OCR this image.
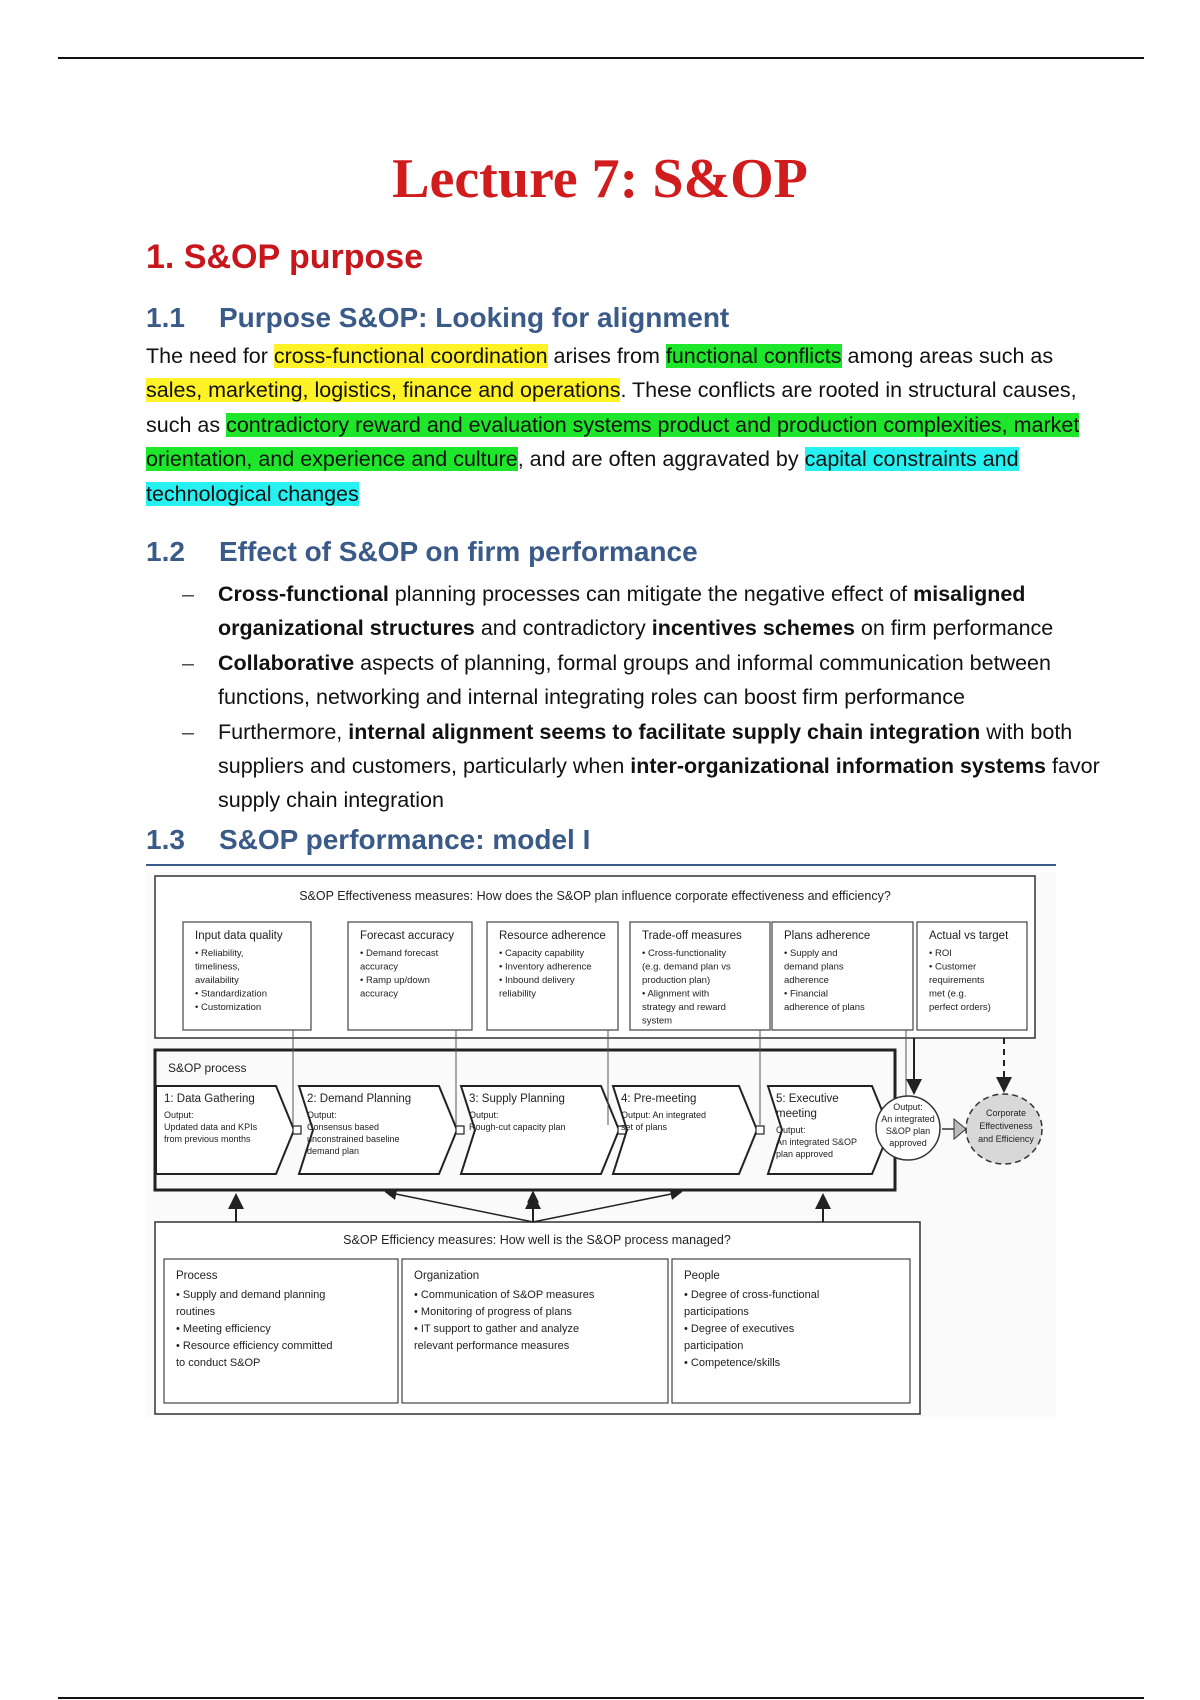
Lecture 7: S&OP
1. S&OP purpose
1.1 Purpose S&OP: Looking for alignment

The need for cross-functional coordination arises from functional conflicts among areas such as sales, marketing, logistics, finance and operations. These conflicts are rooted in structural causes, such as contradictory reward and evaluation systems product and production complexities, market orientation, and experience and culture, and are often aggravated by capital constraints and technological changes

1.2 Effect of S&OP on firm performance
– Cross-functional planning processes can mitigate the negative effect of misaligned organizational structures and contradictory incentives schemes on firm performance
– Collaborative aspects of planning, formal groups and informal communication between functions, networking and internal integrating roles can boost firm performance
– Furthermore, internal alignment seems to facilitate supply chain integration with both suppliers and customers, particularly when inter-organizational information systems favor supply chain integration
1.3 S&OP performance: model I
S&OP Effectiveness measures: How does the S&OP plan influence corporate effectiveness and efficiency?
Input data quality
• Reliability,
timeliness,
availability
• Standardization
• Customization
Forecast accuracy
• Demand forecast
accuracy
• Ramp up/down
accuracy
Resource adherence
• Capacity capability
• Inventory adherence
• Inbound delivery
reliability
Trade-off measures
• Cross-functionality
(e.g. demand plan vs
production plan)
• Alignment with
strategy and reward
system
Plans adherence
• Supply and
demand plans
adherence
• Financial
adherence of plans
Actual vs target
• ROI
• Customer
requirements
met (e.g.
perfect orders)
S&OP process
1: Data Gathering
Output:
Updated data and KPIs
from previous months
2: Demand Planning
Output:
Consensus based
unconstrained baseline
demand plan
3: Supply Planning
Output:
Rough-cut capacity plan
4: Pre-meeting
Output: An integrated
set of plans
5: Executive
meeting
Output:
An integrated S&OP
plan approved
Output:
An integrated
S&OP plan
approved
Corporate
Effectiveness
and Efficiency
S&OP Efficiency measures: How well is the S&OP process managed?
Process
• Supply and demand planning
routines
• Meeting efficiency
• Resource efficiency committed
to conduct S&OP
Organization
• Communication of S&OP measures
• Monitoring of progress of plans
• IT support to gather and analyze
relevant performance measures
People
• Degree of cross-functional
participations
• Degree of executives
participation
• Competence/skills
